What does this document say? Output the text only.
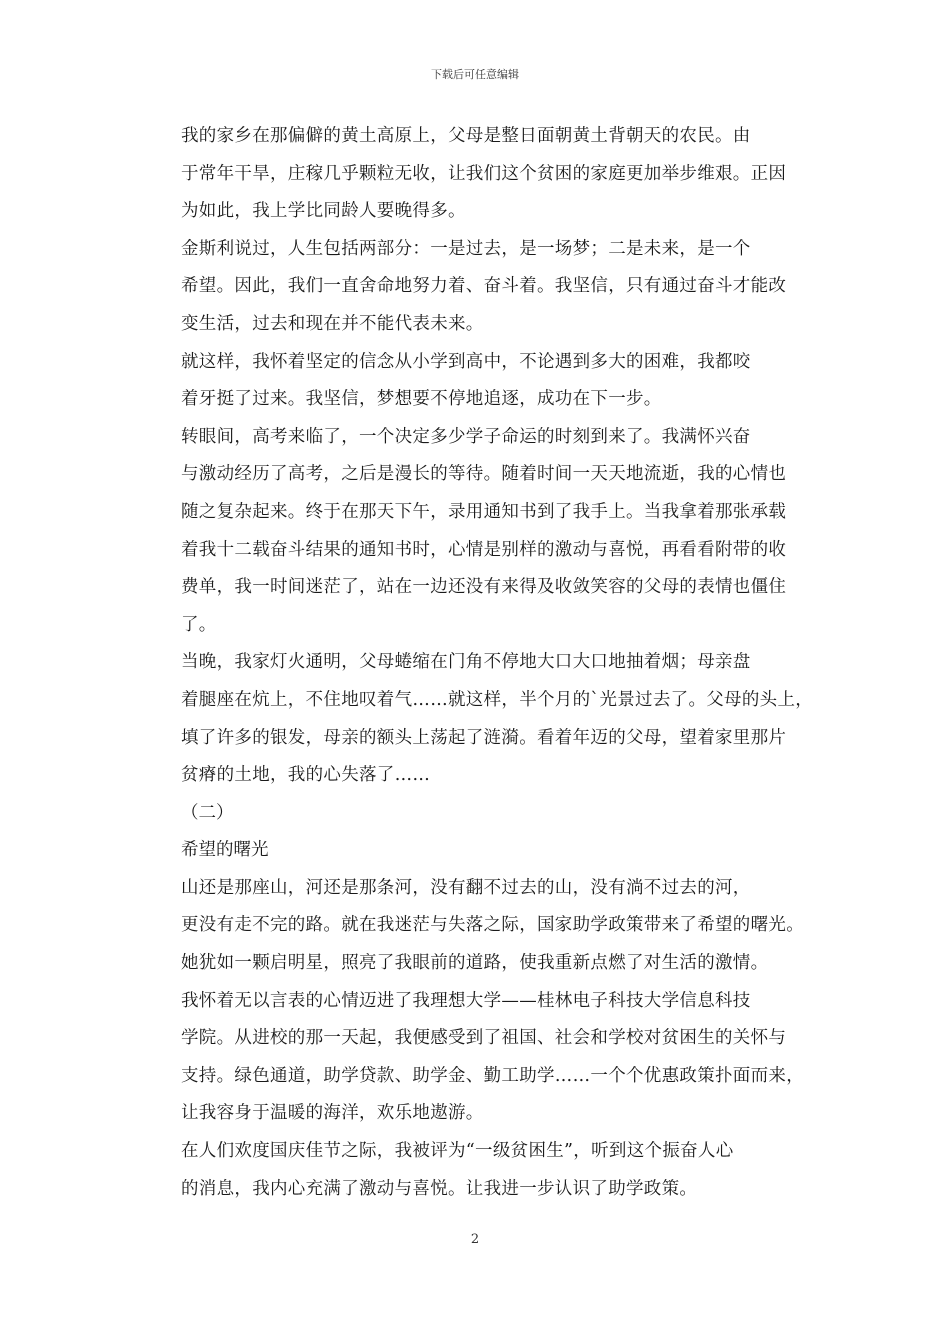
下载后可任意编辑

我的家乡在那偏僻的黄土高原上，父母是整日面朝黄土背朝天的农民。由
于常年干旱，庄稼几乎颗粒无收，让我们这个贫困的家庭更加举步维艰。正因
为如此，我上学比同龄人要晚得多。

金斯利说过，人生包括两部分：一是过去，是一场梦；二是未来，是一个
希望。因此，我们一直舍命地努力着、奋斗着。我坚信，只有通过奋斗才能改
变生活，过去和现在并不能代表未来。

就这样，我怀着坚定的信念从小学到高中，不论遇到多大的困难，我都咬
着牙挺了过来。我坚信，梦想要不停地追逐，成功在下一步。

转眼间，高考来临了，一个决定多少学子命运的时刻到来了。我满怀兴奋
与激动经历了高考，之后是漫长的等待。随着时间一天天地流逝，我的心情也
随之复杂起来。终于在那天下午，录用通知书到了我手上。当我拿着那张承载
着我十二载奋斗结果的通知书时，心情是别样的激动与喜悦，再看看附带的收
费单，我一时间迷茫了，站在一边还没有来得及收敛笑容的父母的表情也僵住
了。

当晚，我家灯火通明，父母蜷缩在门角不停地大口大口地抽着烟；母亲盘
着腿座在炕上，不住地叹着气……就这样，半个月的`光景过去了。父母的头上，
填了许多的银发，母亲的额头上荡起了涟漪。看着年迈的父母，望着家里那片
贫瘠的土地，我的心失落了……

（二）

希望的曙光

山还是那座山，河还是那条河，没有翻不过去的山，没有淌不过去的河，
更没有走不完的路。就在我迷茫与失落之际，国家助学政策带来了希望的曙光。
她犹如一颗启明星，照亮了我眼前的道路，使我重新点燃了对生活的激情。

我怀着无以言表的心情迈进了我理想大学——桂林电子科技大学信息科技
学院。从进校的那一天起，我便感受到了祖国、社会和学校对贫困生的关怀与
支持。绿色通道，助学贷款、助学金、勤工助学……一个个优惠政策扑面而来，
让我容身于温暖的海洋，欢乐地遨游。

在人们欢度国庆佳节之际，我被评为“一级贫困生”，听到这个振奋人心
的消息，我内心充满了激动与喜悦。让我进一步认识了助学政策。

2
